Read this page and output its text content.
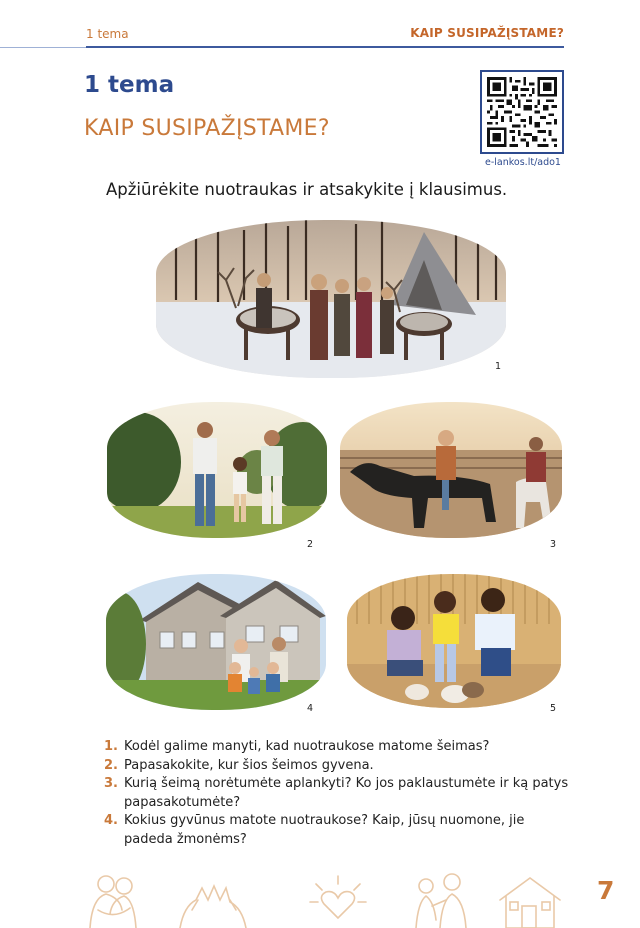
1 tema	KAIP SUSIPAŽĮSTAME?
1 tema
KAIP SUSIPAŽĮSTAME?
e-lankos.lt/ado1
Apžiūrėkite nuotraukas ir atsakykite į klausimus.
1
2	3
4	5
1. Kodėl galime manyti, kad nuotraukose matome šeimas?
2. Papasakokite, kur šios šeimos gyvena.
3. Kurią šeimą norėtumėte aplankyti? Ko jos paklaustumėte ir ką patys papasakotumėte?
4. Kokius gyvūnus matote nuotraukose? Kaip, jūsų nuomone, jie padeda žmonėms?
7
